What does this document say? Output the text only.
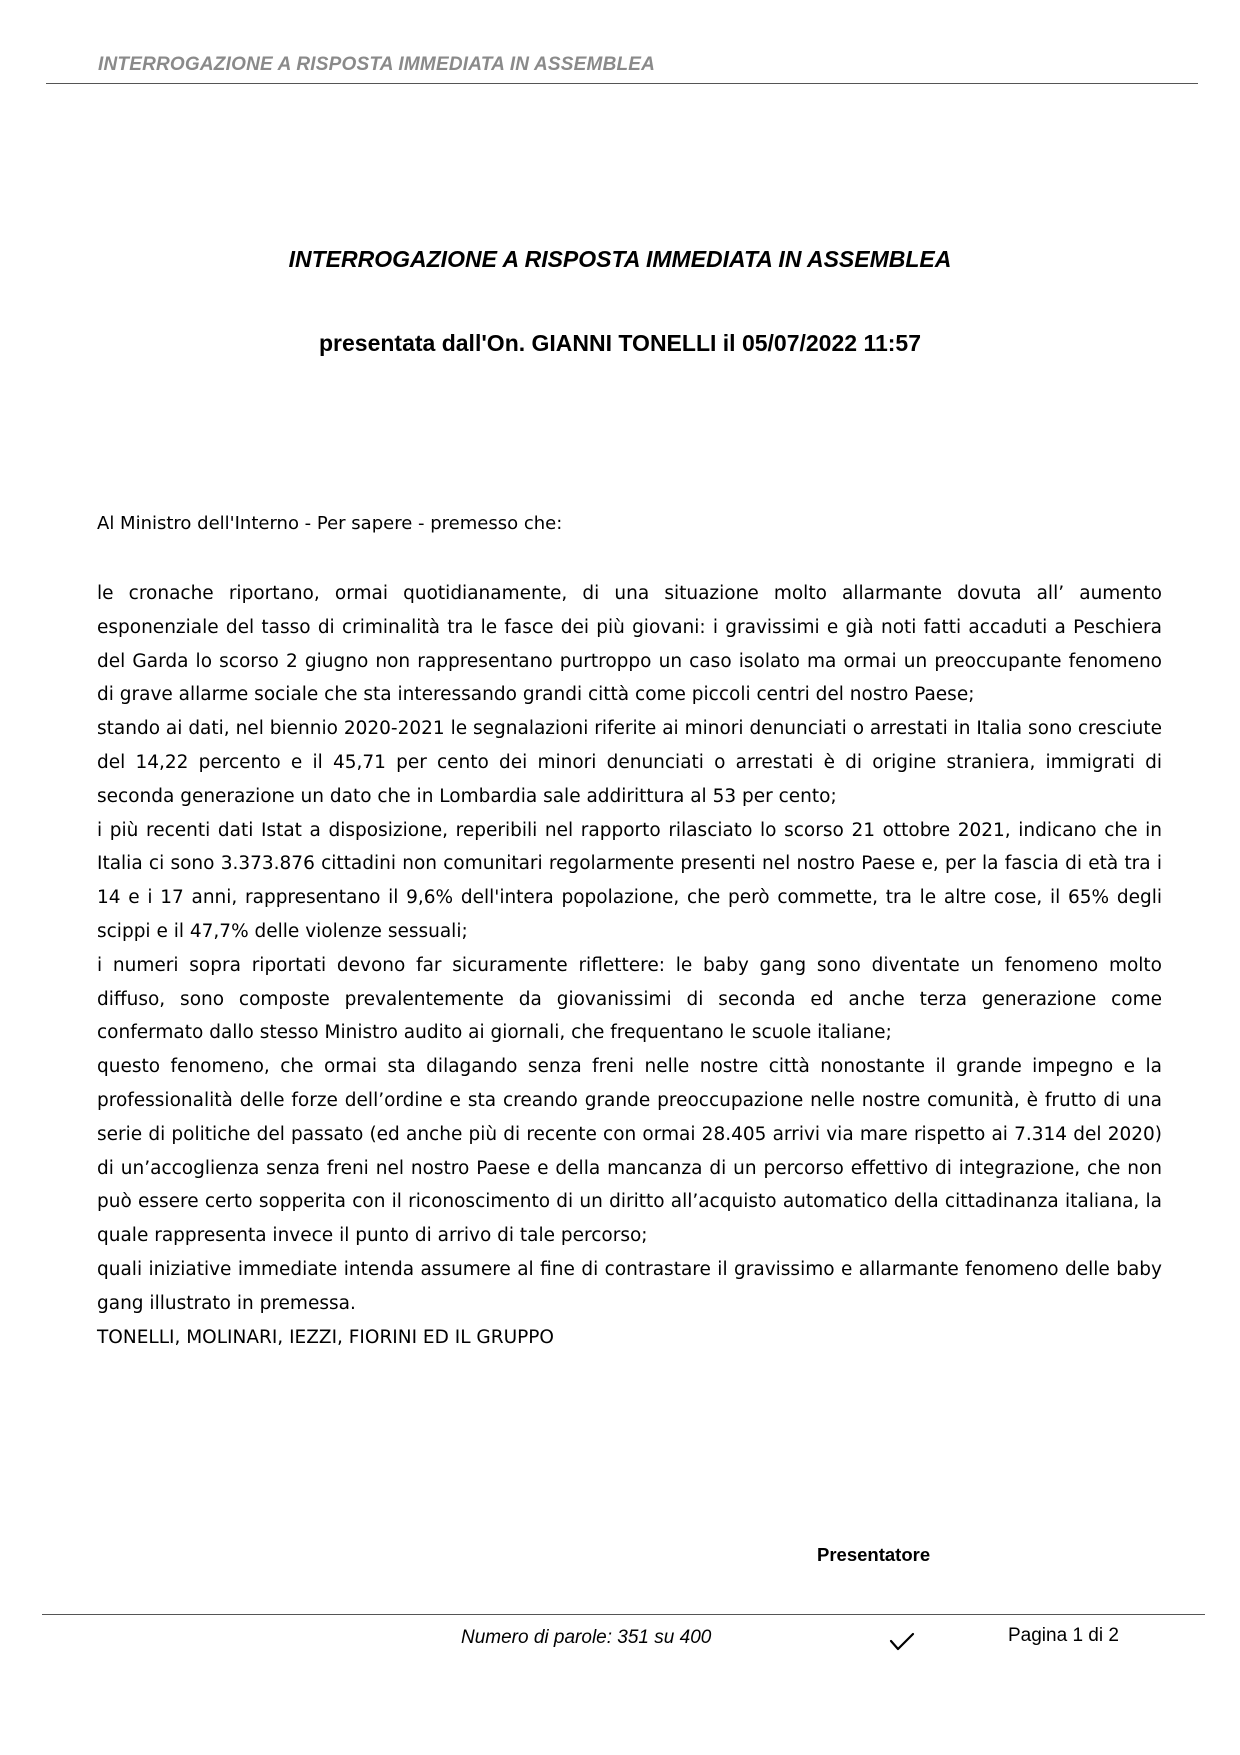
INTERROGAZIONE A RISPOSTA IMMEDIATA IN ASSEMBLEA
INTERROGAZIONE A RISPOSTA IMMEDIATA IN ASSEMBLEA
presentata dall'On. GIANNI TONELLI il 05/07/2022 11:57
Al Ministro dell'Interno - Per sapere - premesso che:

le cronache riportano, ormai quotidianamente, di una situazione molto allarmante dovuta all’ aumento esponenziale del tasso di criminalità tra le fasce dei più giovani: i gravissimi e già noti fatti accaduti a Peschiera del Garda lo scorso 2 giugno non rappresentano purtroppo un caso isolato ma ormai un preoccupante fenomeno di grave allarme sociale che sta interessando grandi città come piccoli centri del nostro Paese;

stando ai dati, nel biennio 2020-2021 le segnalazioni riferite ai minori denunciati o arrestati in Italia sono cresciute del 14,22 percento e il 45,71 per cento dei minori denunciati o arrestati è di origine straniera, immigrati di seconda generazione un dato che in Lombardia sale addirittura al 53 per cento;

i più recenti dati Istat a disposizione, reperibili nel rapporto rilasciato lo scorso 21 ottobre 2021, indicano che in Italia ci sono 3.373.876 cittadini non comunitari regolarmente presenti nel nostro Paese e, per la fascia di età tra i 14 e i 17 anni, rappresentano il 9,6% dell'intera popolazione, che però commette, tra le altre cose, il 65% degli scippi e il 47,7% delle violenze sessuali;

i numeri sopra riportati devono far sicuramente riflettere: le baby gang sono diventate un fenomeno molto diffuso, sono composte prevalentemente da giovanissimi di seconda ed anche terza generazione come confermato dallo stesso Ministro audito ai giornali, che frequentano le scuole italiane;

questo fenomeno, che ormai sta dilagando senza freni nelle nostre città nonostante il grande impegno e la professionalità delle forze dell’ordine e sta creando grande preoccupazione nelle nostre comunità, è frutto di una serie di politiche del passato (ed anche più di recente con ormai 28.405 arrivi via mare rispetto ai 7.314 del 2020) di un’accoglienza senza freni nel nostro Paese e della mancanza di un percorso effettivo di integrazione, che non può essere certo sopperita con il riconoscimento di un diritto all’acquisto automatico della cittadinanza italiana, la quale rappresenta invece il punto di arrivo di tale percorso;

quali iniziative immediate intenda assumere al fine di contrastare il gravissimo e allarmante fenomeno delle baby gang illustrato in premessa.

TONELLI, MOLINARI, IEZZI, FIORINI ED IL GRUPPO

Presentatore
Numero di parole: 351 su 400	Pagina 1 di 2
